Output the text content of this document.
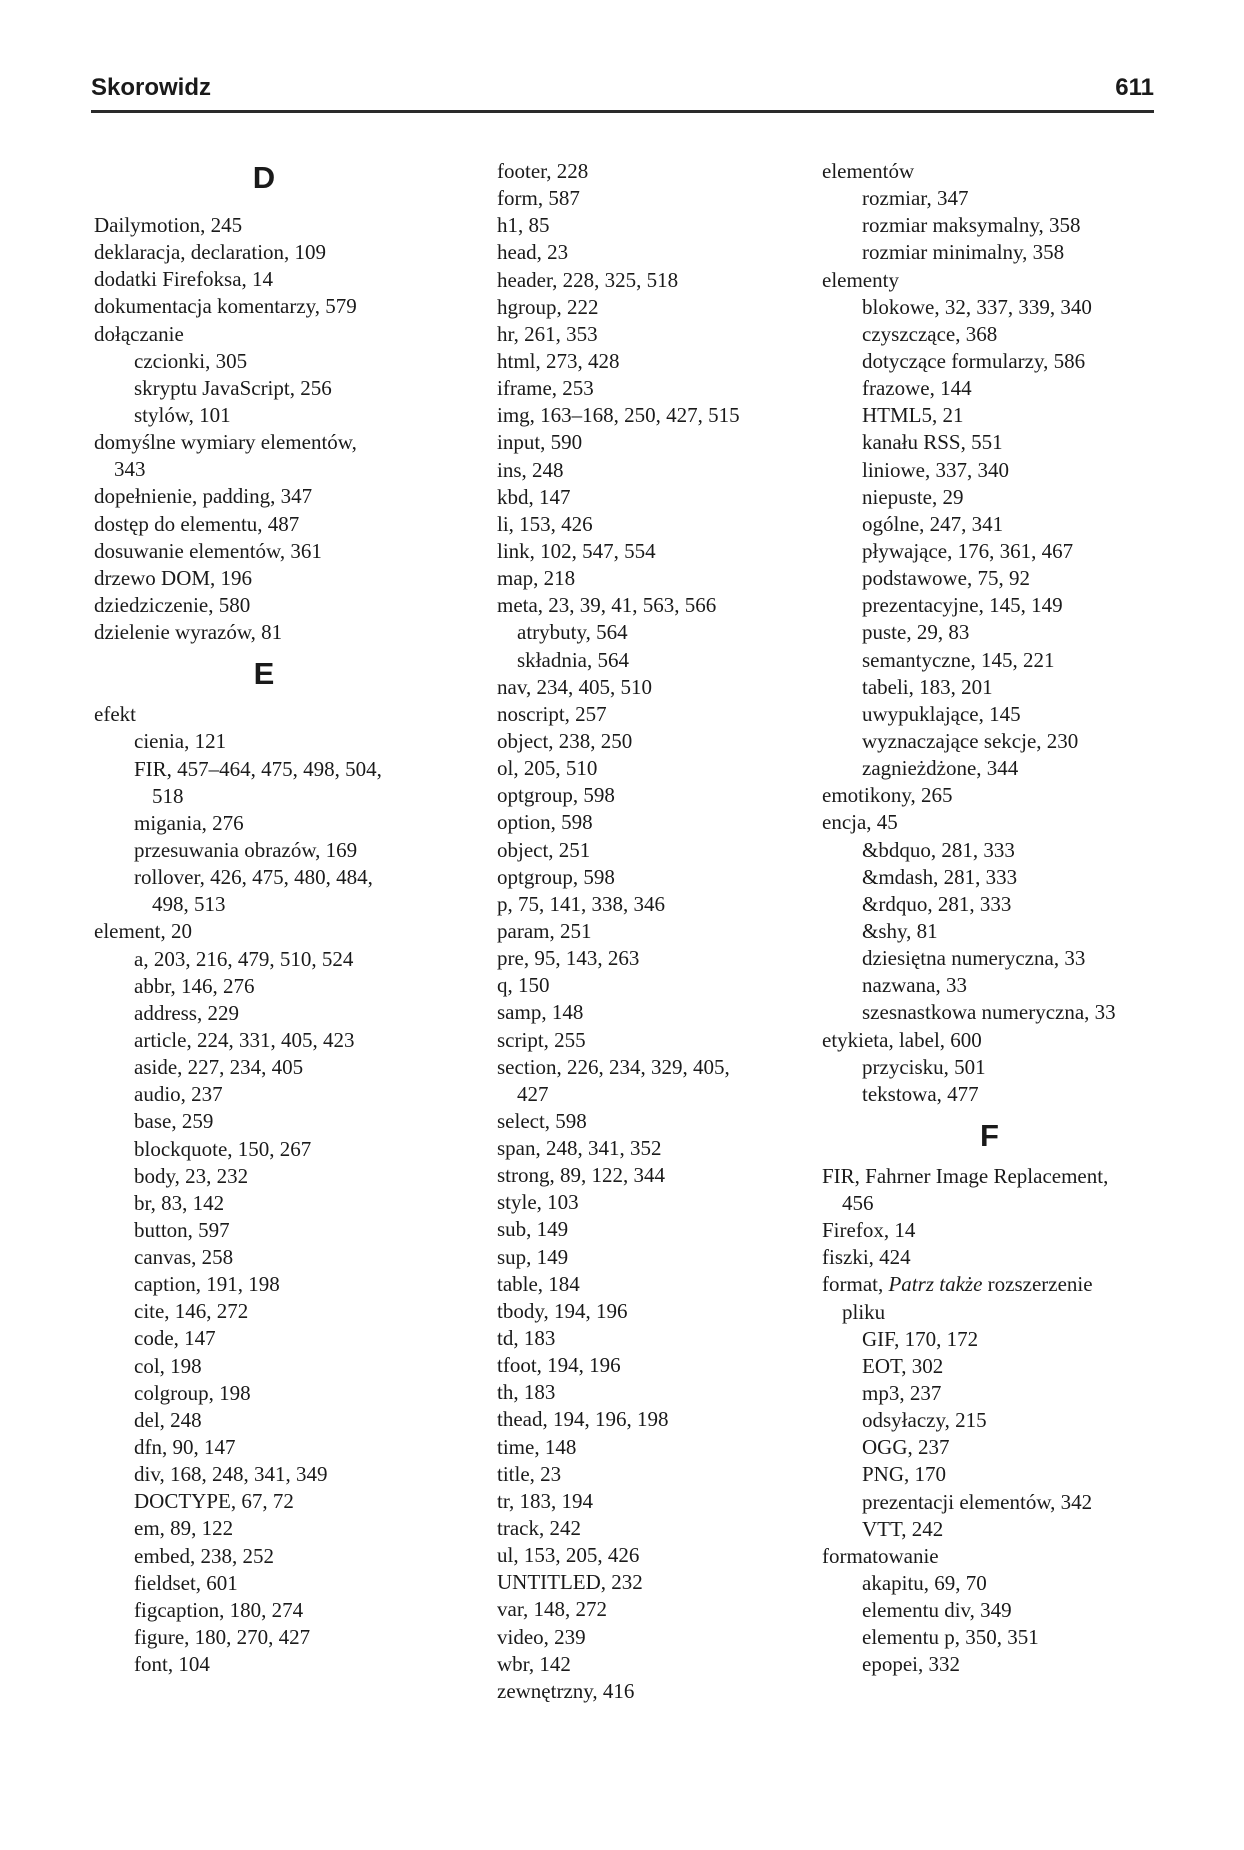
Skorowidz	611
D
Dailymotion, 245
deklaracja, declaration, 109
dodatki Firefoksa, 14
dokumentacja komentarzy, 579
dołączanie
czcionki, 305
skryptu JavaScript, 256
stylów, 101
domyślne wymiary elementów,
343
dopełnienie, padding, 347
dostęp do elementu, 487
dosuwanie elementów, 361
drzewo DOM, 196
dziedziczenie, 580
dzielenie wyrazów, 81
E
efekt
cienia, 121
FIR, 457–464, 475, 498, 504,
518
migania, 276
przesuwania obrazów, 169
rollover, 426, 475, 480, 484,
498, 513
element, 20
a, 203, 216, 479, 510, 524
abbr, 146, 276
address, 229
article, 224, 331, 405, 423
aside, 227, 234, 405
audio, 237
base, 259
blockquote, 150, 267
body, 23, 232
br, 83, 142
button, 597
canvas, 258
caption, 191, 198
cite, 146, 272
code, 147
col, 198
colgroup, 198
del, 248
dfn, 90, 147
div, 168, 248, 341, 349
DOCTYPE, 67, 72
em, 89, 122
embed, 238, 252
fieldset, 601
figcaption, 180, 274
figure, 180, 270, 427
font, 104
footer, 228
form, 587
h1, 85
head, 23
header, 228, 325, 518
hgroup, 222
hr, 261, 353
html, 273, 428
iframe, 253
img, 163–168, 250, 427, 515
input, 590
ins, 248
kbd, 147
li, 153, 426
link, 102, 547, 554
map, 218
meta, 23, 39, 41, 563, 566
atrybuty, 564
składnia, 564
nav, 234, 405, 510
noscript, 257
object, 238, 250
ol, 205, 510
optgroup, 598
option, 598
object, 251
optgroup, 598
p, 75, 141, 338, 346
param, 251
pre, 95, 143, 263
q, 150
samp, 148
script, 255
section, 226, 234, 329, 405,
427
select, 598
span, 248, 341, 352
strong, 89, 122, 344
style, 103
sub, 149
sup, 149
table, 184
tbody, 194, 196
td, 183
tfoot, 194, 196
th, 183
thead, 194, 196, 198
time, 148
title, 23
tr, 183, 194
track, 242
ul, 153, 205, 426
UNTITLED, 232
var, 148, 272
video, 239
wbr, 142
zewnętrzny, 416
elementów
rozmiar, 347
rozmiar maksymalny, 358
rozmiar minimalny, 358
elementy
blokowe, 32, 337, 339, 340
czyszczące, 368
dotyczące formularzy, 586
frazowe, 144
HTML5, 21
kanału RSS, 551
liniowe, 337, 340
niepuste, 29
ogólne, 247, 341
pływające, 176, 361, 467
podstawowe, 75, 92
prezentacyjne, 145, 149
puste, 29, 83
semantyczne, 145, 221
tabeli, 183, 201
uwypuklające, 145
wyznaczające sekcje, 230
zagnieżdżone, 344
emotikony, 265
encja, 45
&bdquo, 281, 333
&mdash, 281, 333
&rdquo, 281, 333
&shy, 81
dziesiętna numeryczna, 33
nazwana, 33
szesnastkowa numeryczna, 33
etykieta, label, 600
przycisku, 501
tekstowa, 477
F
FIR, Fahrner Image Replacement,
456
Firefox, 14
fiszki, 424
format, Patrz także rozszerzenie
pliku
GIF, 170, 172
EOT, 302
mp3, 237
odsyłaczy, 215
OGG, 237
PNG, 170
prezentacji elementów, 342
VTT, 242
formatowanie
akapitu, 69, 70
elementu div, 349
elementu p, 350, 351
epopei, 332
